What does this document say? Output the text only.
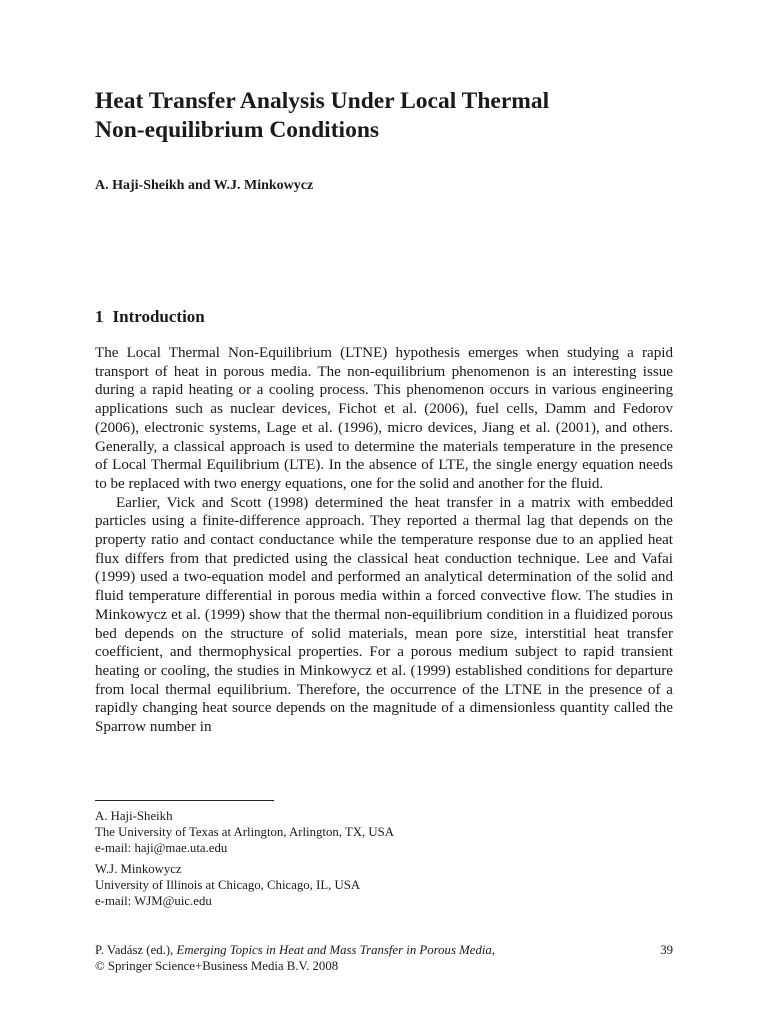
Heat Transfer Analysis Under Local Thermal
Non-equilibrium Conditions
A. Haji-Sheikh and W.J. Minkowycz
1 Introduction

The Local Thermal Non-Equilibrium (LTNE) hypothesis emerges when studying a rapid transport of heat in porous media. The non-equilibrium phenomenon is an interesting issue during a rapid heating or a cooling process. This phenomenon occurs in various engineering applications such as nuclear devices, Fichot et al. (2006), fuel cells, Damm and Fedorov (2006), electronic systems, Lage et al. (1996), micro devices, Jiang et al. (2001), and others. Generally, a classical approach is used to determine the materials temperature in the presence of Local Thermal Equilibrium (LTE). In the absence of LTE, the single energy equation needs to be replaced with two energy equations, one for the solid and another for the fluid.

Earlier, Vick and Scott (1998) determined the heat transfer in a matrix with embedded particles using a finite-difference approach. They reported a thermal lag that depends on the property ratio and contact conductance while the temperature response due to an applied heat flux differs from that predicted using the classical heat conduction technique. Lee and Vafai (1999) used a two-equation model and performed an analytical determination of the solid and fluid temperature differential in porous media within a forced convective flow. The studies in Minkowycz et al. (1999) show that the thermal non-equilibrium condition in a fluidized porous bed depends on the structure of solid materials, mean pore size, interstitial heat transfer coefficient, and thermophysical properties. For a porous medium subject to rapid transient heating or cooling, the studies in Minkowycz et al. (1999) established conditions for departure from local thermal equilibrium. Therefore, the occurrence of the LTNE in the presence of a rapidly changing heat source depends on the magnitude of a dimensionless quantity called the Sparrow number in

A. Haji-Sheikh
The University of Texas at Arlington, Arlington, TX, USA
e-mail: haji@mae.uta.edu
W.J. Minkowycz
University of Illinois at Chicago, Chicago, IL, USA
e-mail: WJM@uic.edu
P. Vadász (ed.), Emerging Topics in Heat and Mass Transfer in Porous Media,	39
© Springer Science+Business Media B.V. 2008
